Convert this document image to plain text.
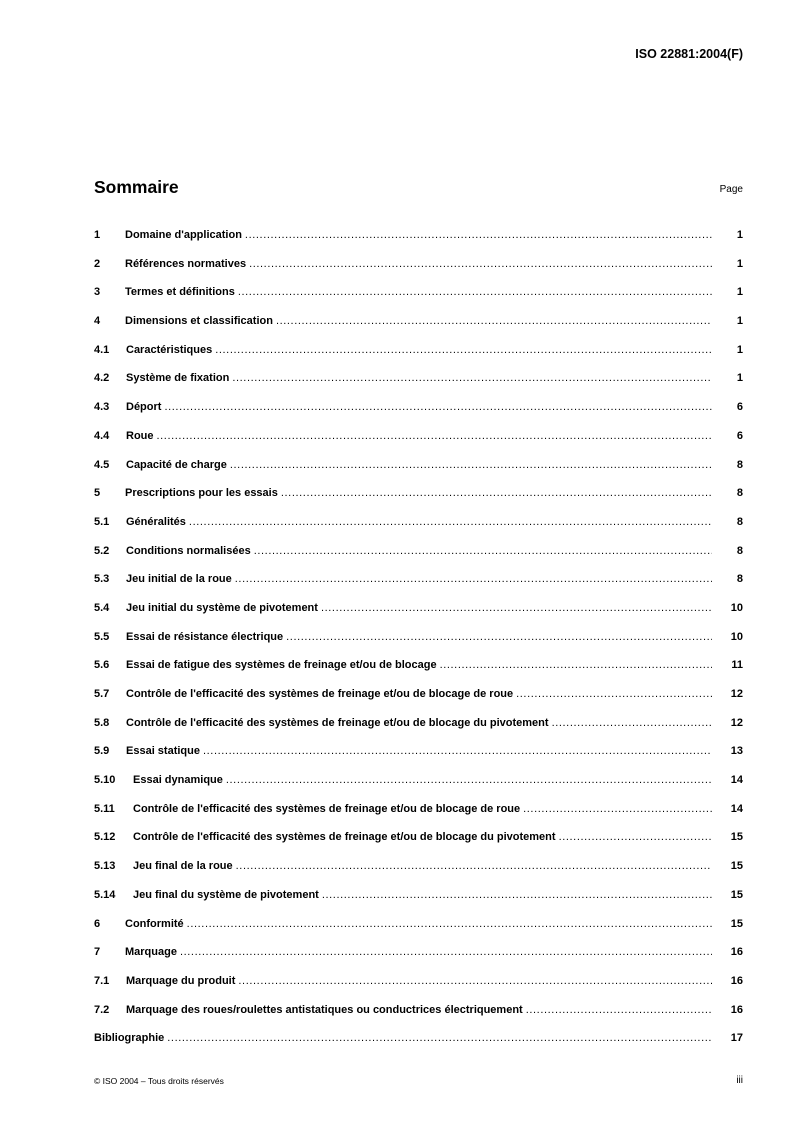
ISO 22881:2004(F)
Sommaire	Page
1	Domaine d'application .....	1
2	Références normatives .....	1
3	Termes et définitions .....	1
4	Dimensions et classification .....	1
4.1	Caractéristiques .....	1
4.2	Système de fixation .....	1
4.3	Déport .....	6
4.4	Roue .....	6
4.5	Capacité de charge .....	8
5	Prescriptions pour les essais .....	8
5.1	Généralités .....	8
5.2	Conditions normalisées .....	8
5.3	Jeu initial de la roue .....	8
5.4	Jeu initial du système de pivotement .....	10
5.5	Essai de résistance électrique .....	10
5.6	Essai de fatigue des systèmes de freinage et/ou de blocage .....	11
5.7	Contrôle de l'efficacité des systèmes de freinage et/ou de blocage de roue .....	12
5.8	Contrôle de l'efficacité des systèmes de freinage et/ou de blocage du pivotement .....	12
5.9	Essai statique .....	13
5.10	Essai dynamique .....	14
5.11	Contrôle de l'efficacité des systèmes de freinage et/ou de blocage de roue .....	14
5.12	Contrôle de l'efficacité des systèmes de freinage et/ou de blocage du pivotement .....	15
5.13	Jeu final de la roue .....	15
5.14	Jeu final du système de pivotement .....	15
6	Conformité .....	15
7	Marquage .....	16
7.1	Marquage du produit .....	16
7.2	Marquage des roues/roulettes antistatiques ou conductrices électriquement .....	16
Bibliographie .....	17
© ISO 2004 – Tous droits réservés	iii
